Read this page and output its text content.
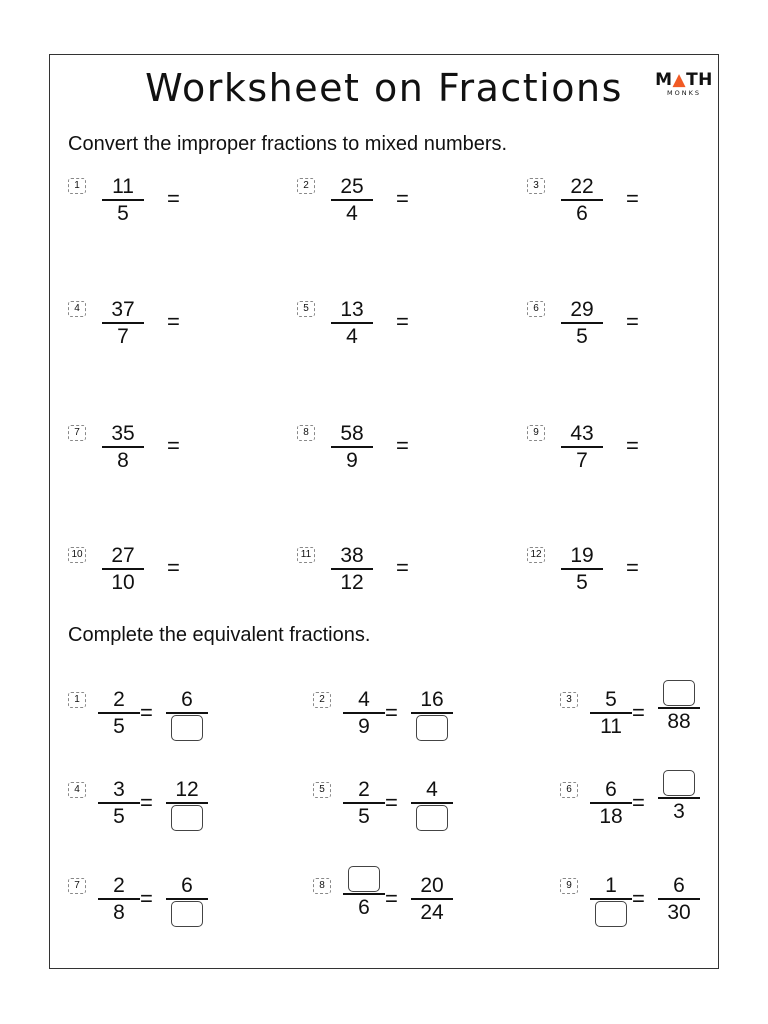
Worksheet on Fractions	M▲TH
MONKS
Convert the improper fractions to mixed numbers.
1	11
5
=
2	25
4
=
3	22
6
=
4	37
7
=
5	13
4
=
6	29
5
=
7	35
8
=
8	58
9
=
9	43
7
=
10	27
10
=
11	38
12
=
12	19
5
=
Complete the equivalent fractions.
1	2
5
=
6	2	4
9
=
16	3	5
11
=	88
4	3
5
=
12	5	2
5
=
4	6	6
18
=	3
7	2
8
=
6	8
6 =
20
24
9	1
=
6
30
